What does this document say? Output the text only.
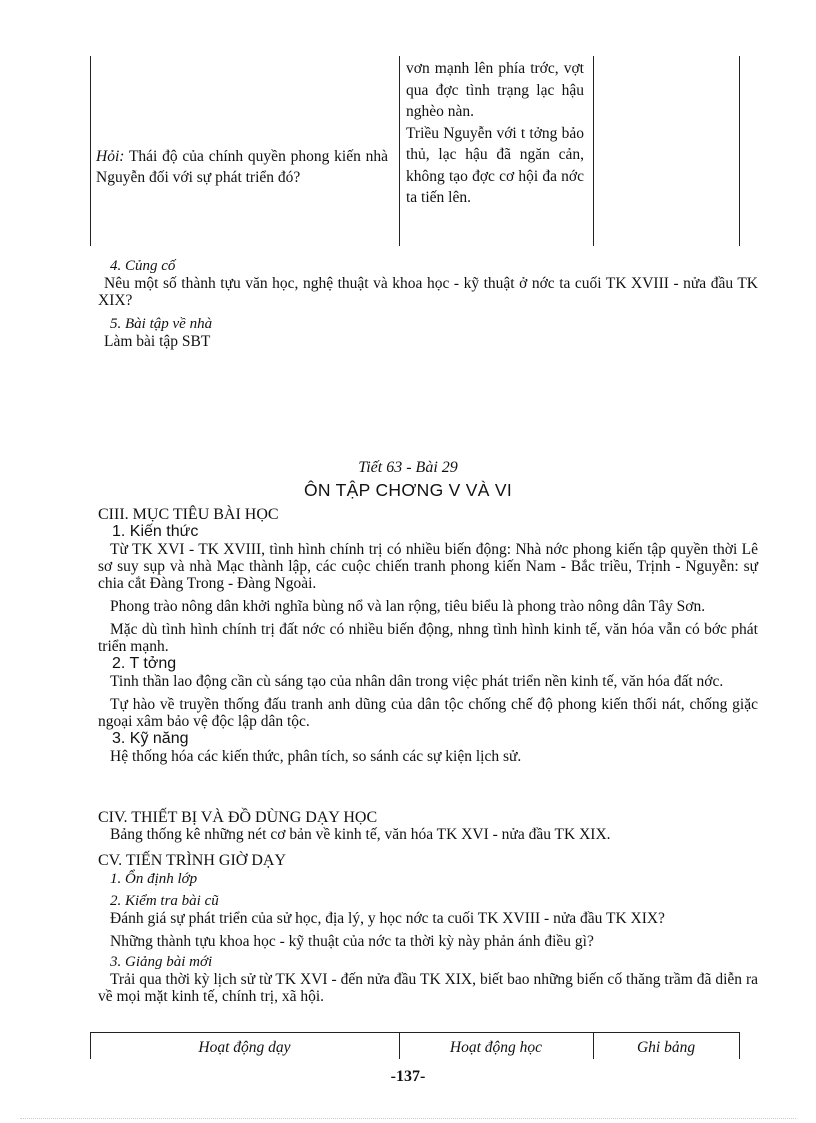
Hỏi: Thái độ của chính quyền phong kiến nhà Nguyễn đối với sự phát triển đó?

vơn mạnh lên phía trớc, vợt qua đợc tình trạng lạc hậu nghèo nàn.

Triều Nguyễn với t tởng bảo thủ, lạc hậu đã ngăn cản, không tạo đợc cơ hội đa nớc ta tiến lên.

4. Củng cố
Nêu một số thành tựu văn học, nghệ thuật và khoa học - kỹ thuật ở nớc ta cuối TK XVIII - nửa đầu TK XIX?
5. Bài tập về nhà
Làm bài tập SBT
Tiết 63 - Bài 29
ÔN TẬP CHƠNG V VÀ VI
CIII. MỤC TIÊU BÀI HỌC
1. Kiến thức
Từ TK XVI - TK XVIII, tình hình chính trị có nhiều biến động: Nhà nớc phong kiến tập quyền thời Lê sơ suy sụp và nhà Mạc thành lập, các cuộc chiến tranh phong kiến Nam - Bắc triều, Trịnh - Nguyễn: sự chia cắt Đàng Trong - Đàng Ngoài.
Phong trào nông dân khởi nghĩa bùng nổ và lan rộng, tiêu biểu là phong trào nông dân Tây Sơn.
Mặc dù tình hình chính trị đất nớc có nhiều biến động, nhng tình hình kinh tế, văn hóa vẫn có bớc phát triển mạnh.
2. T tởng
Tinh thần lao động cần cù sáng tạo của nhân dân trong việc phát triển nền kinh tế, văn hóa đất nớc.
Tự hào về truyền thống đấu tranh anh dũng của dân tộc chống chế độ phong kiến thối nát, chống giặc ngoại xâm bảo vệ độc lập dân tộc.
3. Kỹ năng
Hệ thống hóa các kiến thức, phân tích, so sánh các sự kiện lịch sử.
CIV. THIẾT BỊ VÀ ĐỒ DÙNG DẠY HỌC
Bảng thống kê những nét cơ bản về kinh tế, văn hóa TK XVI - nửa đầu TK XIX.
CV. TIẾN TRÌNH GIỜ DẠY
1. Ổn định lớp
2. Kiểm tra bài cũ
Đánh giá sự phát triển của sử học, địa lý, y học nớc ta cuối TK XVIII - nửa đầu TK XIX?
Những thành tựu khoa học - kỹ thuật của nớc ta thời kỳ này phản ánh điều gì?
3. Giảng bài mới
Trải qua thời kỳ lịch sử từ TK XVI - đến nửa đầu TK XIX, biết bao những biến cố thăng trầm đã diễn ra về mọi mặt kinh tế, chính trị, xã hội.
Hoạt động dạy	Hoạt động học	Ghi bảng
-137-
